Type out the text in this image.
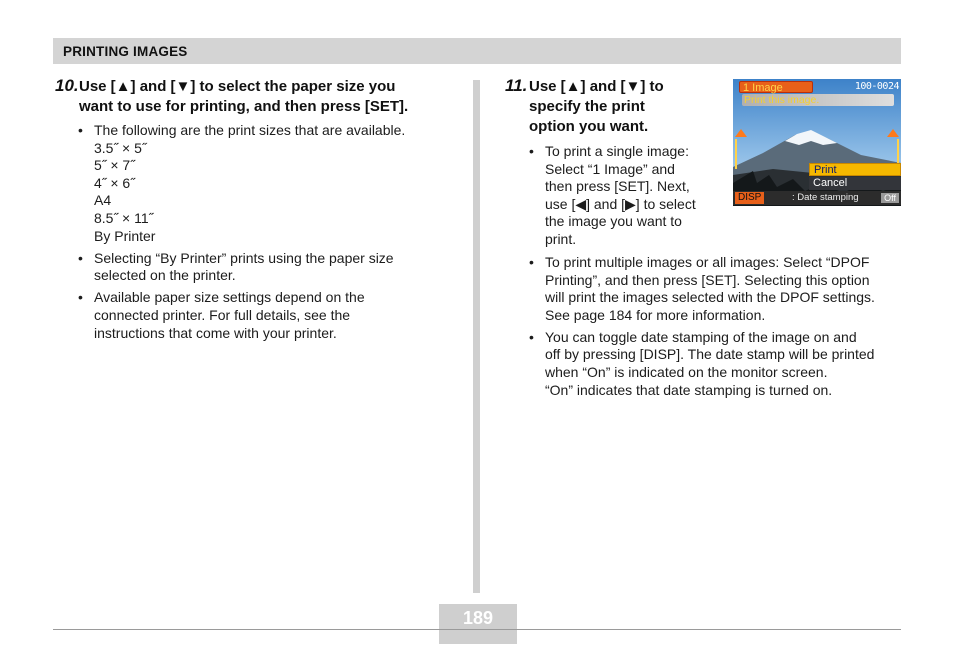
PRINTING IMAGES
10. Use [▲] and [▼] to select the paper size you
want to use for printing, and then press [SET].
• The following are the print sizes that are available.
3.5˝ × 5˝
5˝ × 7˝
4˝ × 6˝
A4
8.5˝ × 11˝
By Printer
• Selecting “By Printer” prints using the paper size
selected on the printer.
• Available paper size settings depend on the
connected printer. For full details, see the
instructions that come with your printer.
11. Use [▲] and [▼] to
specify the print
option you want.
• To print a single image:
Select “1 Image” and
then press [SET]. Next,
use [◀] and [▶] to select
the image you want to
print.
• To print multiple images or all images: Select “DPOF
Printing”, and then press [SET]. Selecting this option
will print the images selected with the DPOF settings.
See page 184 for more information.
• You can toggle date stamping of the image on and
off by pressing [DISP]. The date stamp will be printed
when “On” is indicated on the monitor screen.
“On” indicates that date stamping is turned on.
1 Image	100-0024
Print this image.
Print
Cancel
DISP	: Date stamping	Off
189
